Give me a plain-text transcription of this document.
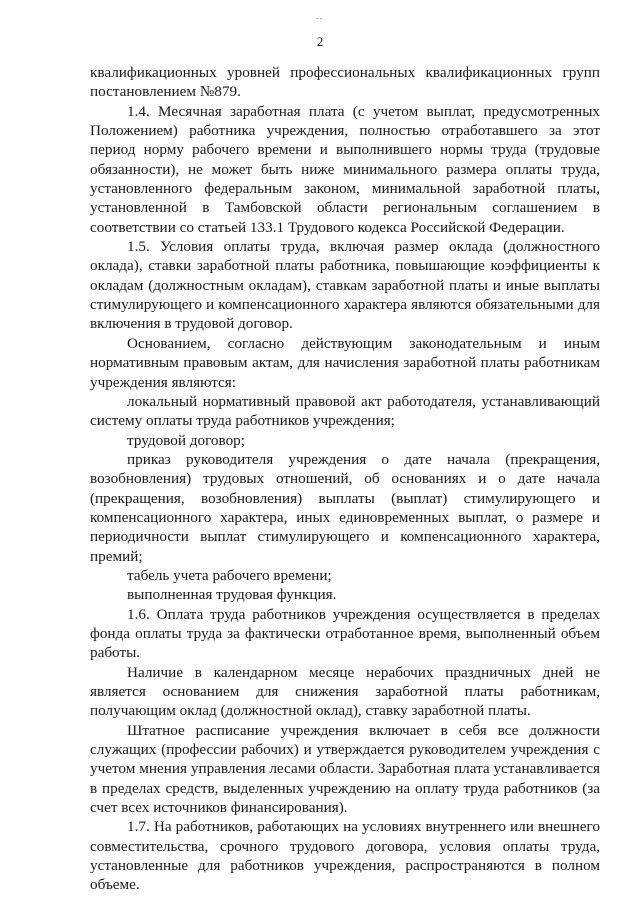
--
2

квалификационных уровней профессиональных квалификационных групп постановлением №879.

1.4. Месячная заработная плата (с учетом выплат, предусмотренных Положением) работника учреждения, полностью отработавшего за этот период норму рабочего времени и выполнившего нормы труда (трудовые обязанности), не может быть ниже минимального размера оплаты труда, установленного федеральным законом, минимальной заработной платы, установленной в Тамбовской области региональным соглашением в соответствии со статьей 133.1 Трудового кодекса Российской Федерации.

1.5. Условия оплаты труда, включая размер оклада (должностного оклада), ставки заработной платы работника, повышающие коэффициенты к окладам (должностным окладам), ставкам заработной платы и иные выплаты стимулирующего и компенсационного характера являются обязательными для включения в трудовой договор.

Основанием, согласно действующим законодательным и иным нормативным правовым актам, для начисления заработной платы работникам учреждения являются:

локальный нормативный правовой акт работодателя, устанавливающий систему оплаты труда работников учреждения;

трудовой договор;

приказ руководителя учреждения о дате начала (прекращения, возобновления) трудовых отношений, об основаниях и о дате начала (прекращения, возобновления) выплаты (выплат) стимулирующего и компенсационного характера, иных единовременных выплат, о размере и периодичности выплат стимулирующего и компенсационного характера, премий;

табель учета рабочего времени;

выполненная трудовая функция.

1.6. Оплата труда работников учреждения осуществляется в пределах фонда оплаты труда за фактически отработанное время, выполненный объем работы.

Наличие в календарном месяце нерабочих праздничных дней не является основанием для снижения заработной платы работникам, получающим оклад (должностной оклад), ставку заработной платы.

Штатное расписание учреждения включает в себя все должности служащих (профессии рабочих) и утверждается руководителем учреждения с учетом мнения управления лесами области. Заработная плата устанавливается в пределах средств, выделенных учреждению на оплату труда работников (за счет всех источников финансирования).

1.7. На работников, работающих на условиях внутреннего или внешнего совместительства, срочного трудового договора, условия оплаты труда, установленные для работников учреждения, распространяются в полном объеме.
